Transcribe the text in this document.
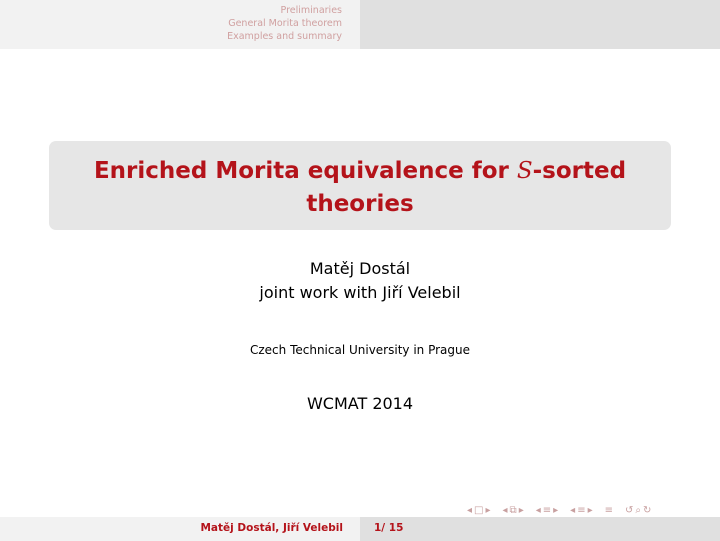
Preliminaries
General Morita theorem
Examples and summary
Enriched Morita equivalence for S-sorted
theories
Matěj Dostál
joint work with Jiří Velebil
Czech Technical University in Prague
WCMAT 2014
◂ □ ▸ ◂ ⧉ ▸ ◂ ≡ ▸ ◂ ≡ ▸ ≡ ↺ ⌕ ↻
Matěj Dostál, Jiří Velebil	1/ 15
